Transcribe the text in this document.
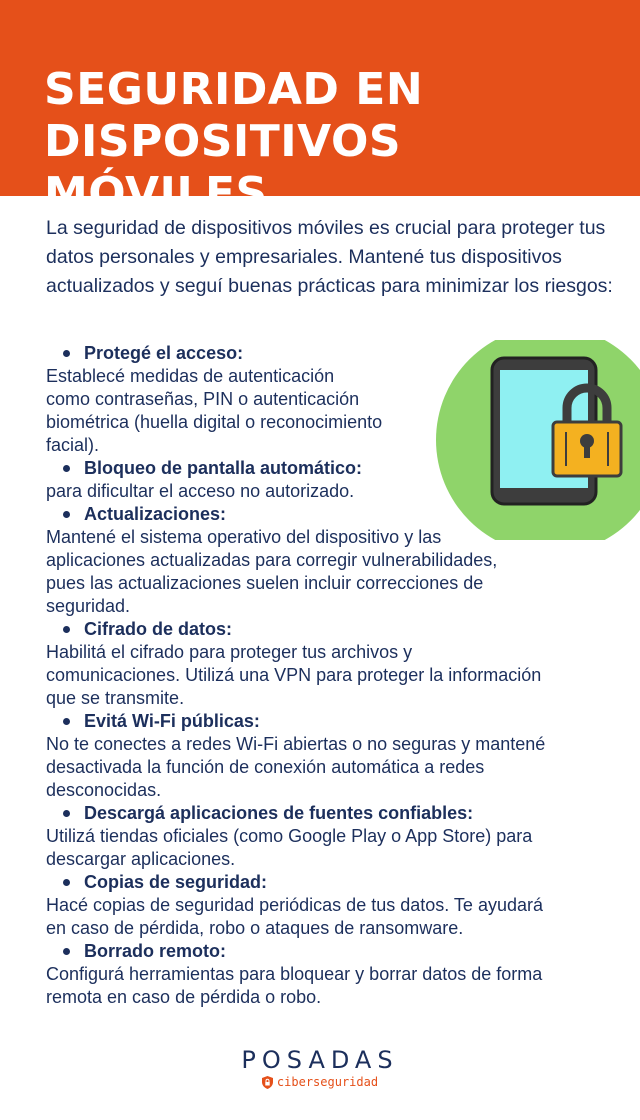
SEGURIDAD EN DISPOSITIVOS MÓVILES

La seguridad de dispositivos móviles es crucial para proteger tus datos personales y empresariales. Mantené tus dispositivos actualizados y seguí buenas prácticas para minimizar los riesgos:

Protegé el acceso:
Establecé medidas de autenticación
como contraseñas, PIN o autenticación
biométrica (huella digital o reconocimiento
facial).
Bloqueo de pantalla automático:
para dificultar el acceso no autorizado.
Actualizaciones:
Mantené el sistema operativo del dispositivo y las
aplicaciones actualizadas para corregir vulnerabilidades,
pues las actualizaciones suelen incluir correcciones de
seguridad.
Cifrado de datos:
Habilitá el cifrado para proteger tus archivos y
comunicaciones. Utilizá una VPN para proteger la información
que se transmite.
Evitá Wi-Fi públicas:
No te conectes a redes Wi-Fi abiertas o no seguras y mantené
desactivada la función de conexión automática a redes
desconocidas.
Descargá aplicaciones de fuentes confiables:
Utilizá tiendas oficiales (como Google Play o App Store) para
descargar aplicaciones.
Copias de seguridad:
Hacé copias de seguridad periódicas de tus datos. Te ayudará
en caso de pérdida, robo o ataques de ransomware.
Borrado remoto:
Configurá herramientas para bloquear y borrar datos de forma
remota en caso de pérdida o robo.
POSADAS
ciberseguridad
